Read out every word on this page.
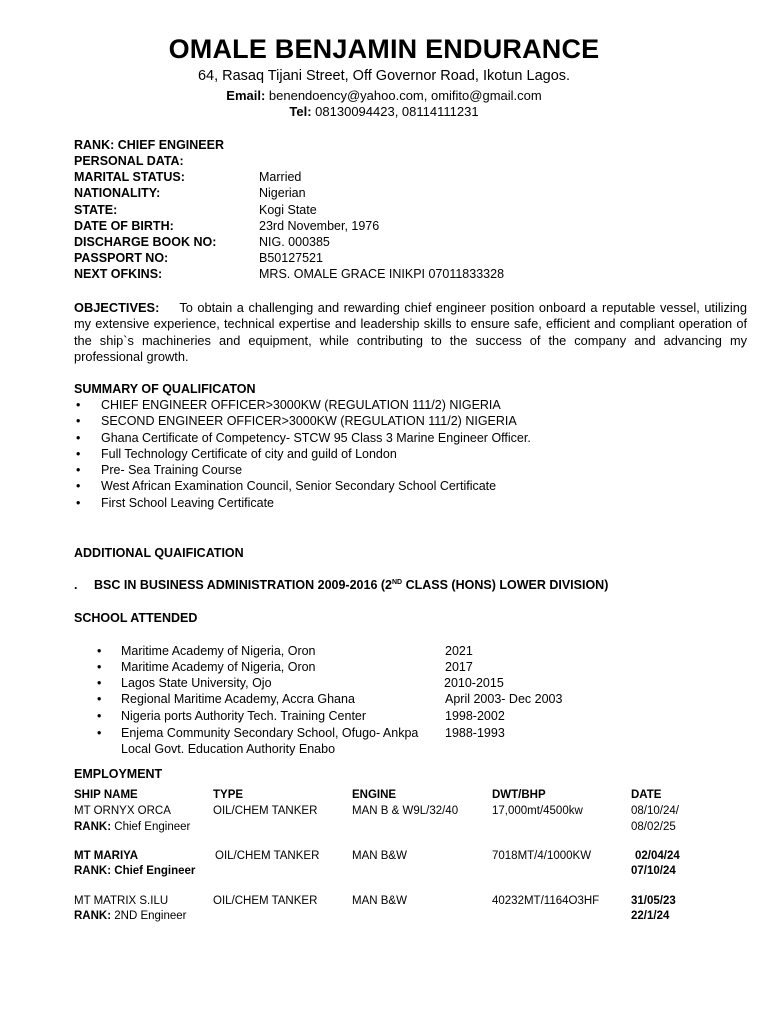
OMALE BENJAMIN ENDURANCE
64, Rasaq Tijani Street, Off Governor Road, Ikotun Lagos.
Email: benendoency@yahoo.com, omifito@gmail.com
Tel: 08130094423, 08114111231
RANK: CHIEF ENGINEER
PERSONAL DATA:
MARITAL STATUS:	Married
NATIONALITY:	Nigerian
STATE:	Kogi State
DATE OF BIRTH:	23rd November, 1976
DISCHARGE BOOK NO:	NIG. 000385
PASSPORT NO:	B50127521
NEXT OFKINS:	MRS. OMALE GRACE INIKPI 07011833328
OBJECTIVES: To obtain a challenging and rewarding chief engineer position onboard a reputable vessel, utilizing my extensive experience, technical expertise and leadership skills to ensure safe, efficient and compliant operation of the ship`s machineries and equipment, while contributing to the success of the company and advancing my professional growth.
SUMMARY OF QUALIFICATON
• CHIEF ENGINEER OFFICER>3000KW (REGULATION 111/2) NIGERIA
• SECOND ENGINEER OFFICER>3000KW (REGULATION 111/2) NIGERIA
• Ghana Certificate of Competency- STCW 95 Class 3 Marine Engineer Officer.
• Full Technology Certificate of city and guild of London
• Pre- Sea Training Course
• West African Examination Council, Senior Secondary School Certificate
• First School Leaving Certificate
ADDITIONAL QUAIFICATION
. BSC IN BUSINESS ADMINISTRATION 2009-2016 (2ND CLASS (HONS) LOWER DIVISION)
SCHOOL ATTENDED
• Maritime Academy of Nigeria, Oron	2021
• Maritime Academy of Nigeria, Oron	2017
• Lagos State University, Ojo	2010-2015
• Regional Maritime Academy, Accra Ghana	April 2003- Dec 2003
• Nigeria ports Authority Tech. Training Center	1998-2002
• Enjema Community Secondary School, Ofugo- Ankpa 1988-1993
Local Govt. Education Authority Enabo
EMPLOYMENT
SHIP NAME	TYPE	ENGINE	DWT/BHP	DATE
MT ORNYX ORCA	OIL/CHEM TANKER	MAN B & W9L/32/40	17,000mt/4500kw	08/10/24/
RANK: Chief Engineer	08/02/25
MT MARIYA	OIL/CHEM TANKER	MAN B&W	7018MT/4/1000KW	02/04/24
RANK: Chief Engineer	07/10/24
MT MATRIX S.ILU	OIL/CHEM TANKER	MAN B&W	40232MT/1164O3HF	31/05/23
RANK: 2ND Engineer	22/1/24
